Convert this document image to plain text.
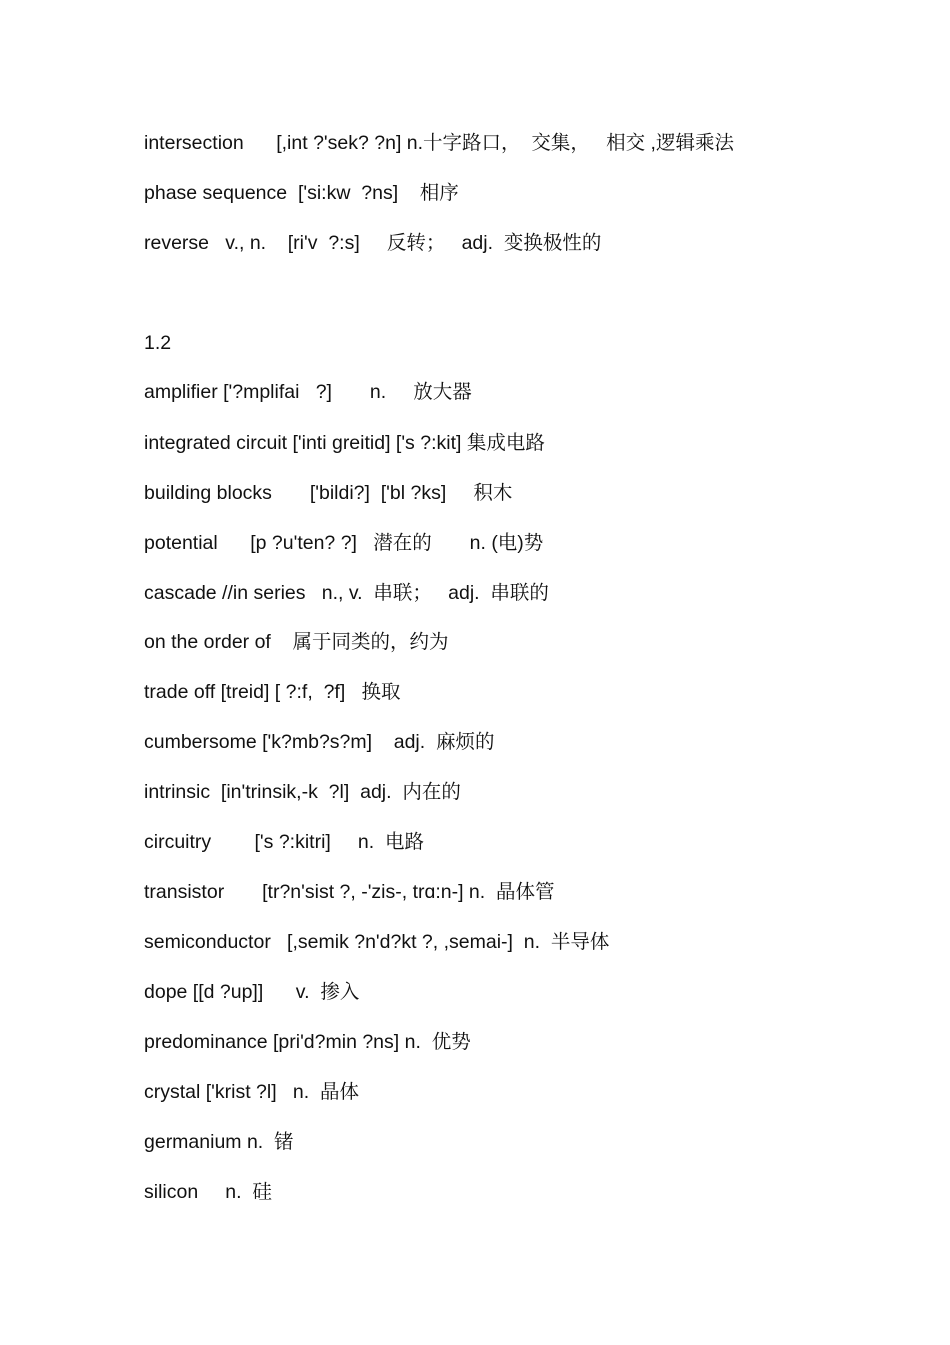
intersection      [,int ?'sek? ?n] n.十字路口，  交集，   相交 ,逻辑乘法
phase sequence  ['si:kw  ?ns]    相序
reverse   v., n.    [ri'v  ?:s]     反转；   adj.  变换极性的
1.2
amplifier ['?mplifai   ?]       n.     放大器
integrated circuit ['inti ɡreitid] ['s ?:kit] 集成电路
building blocks       ['bildi?]  ['bl ?ks]     积木
potential      [p ?u'ten? ?]   潜在的       n. (电)势
cascade //in series   n., v.  串联；   adj.  串联的
on the order of    属于同类的，约为
trade off [treid] [ ?:f,  ?f]   换取
cumbersome ['k?mb?s?m]    adj.  麻烦的
intrinsic  [in'trinsik,-k  ?l]  adj.  内在的
circuitry        ['s ?:kitri]     n.  电路
transistor       [tr?n'sist ?, -'zis-, trɑ:n-] n.  晶体管
semiconductor   [,semik ?n'd?kt ?, ,semai-]  n.  半导体
dope [[d ?up]]      v.  掺入
predominance [pri'd?min ?ns] n.  优势
crystal ['krist ?l]   n.  晶体
germanium n.  锗
silicon     n.  硅
